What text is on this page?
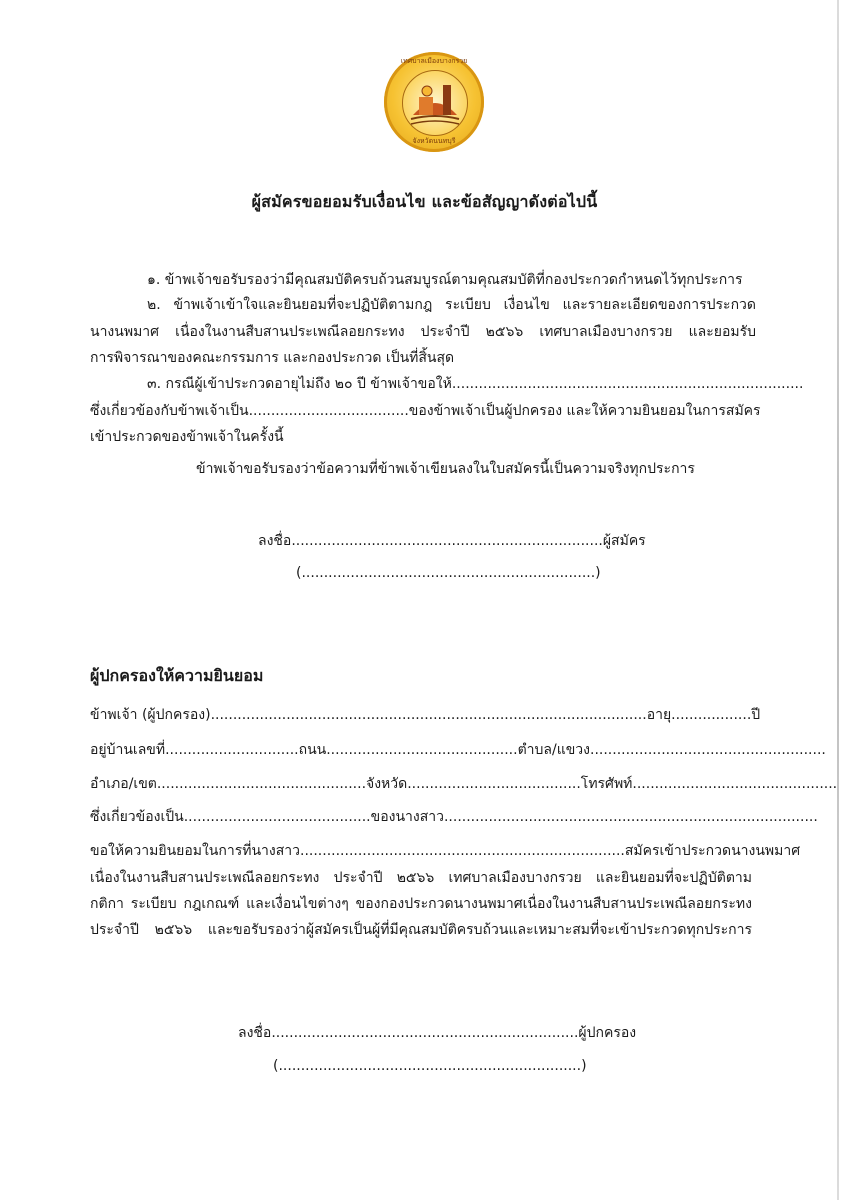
เทศบาลเมืองบางกรวย
จังหวัดนนทบุรี
ผู้สมัครขอยอมรับเงื่อนไข และข้อสัญญาดังต่อไปนี้
๑. ข้าพเจ้าขอรับรองว่ามีคุณสมบัติครบถ้วนสมบูรณ์ตามคุณสมบัติที่กองประกวดกำหนดไว้ทุกประการ
๒. ข้าพเจ้าเข้าใจและยินยอมที่จะปฏิบัติตามกฎ ระเบียบ เงื่อนไข และรายละเอียดของการประกวด
นางนพมาศ เนื่องในงานสืบสานประเพณีลอยกระทง ประจำปี ๒๕๖๖ เทศบาลเมืองบางกรวย และยอมรับ
การพิจารณาของคณะกรรมการ และกองประกวด เป็นที่สิ้นสุด
๓. กรณีผู้เข้าประกวดอายุไม่ถึง ๒๐ ปี ข้าพเจ้าขอให้...............................................................................
ซึ่งเกี่ยวข้องกับข้าพเจ้าเป็น....................................ของข้าพเจ้าเป็นผู้ปกครอง และให้ความยินยอมในการสมัคร
เข้าประกวดของข้าพเจ้าในครั้งนี้
ข้าพเจ้าขอรับรองว่าข้อความที่ข้าพเจ้าเขียนลงในใบสมัครนี้เป็นความจริงทุกประการ
ลงชื่อ......................................................................ผู้สมัคร
(..................................................................)
ผู้ปกครองให้ความยินยอม
ข้าพเจ้า (ผู้ปกครอง)..................................................................................................อายุ..................ปี
อยู่บ้านเลขที่..............................ถนน...........................................ตำบล/แขวง.....................................................
อำเภอ/เขต...............................................จังหวัด.......................................โทรศัพท์..............................................
ซึ่งเกี่ยวข้องเป็น..........................................ของนางสาว....................................................................................
ขอให้ความยินยอมในการที่นางสาว.........................................................................สมัครเข้าประกวดนางนพมาศ
เนื่องในงานสืบสานประเพณีลอยกระทง ประจำปี ๒๕๖๖ เทศบาลเมืองบางกรวย และยินยอมที่จะปฏิบัติตาม
กติกา ระเบียบ กฎเกณฑ์ และเงื่อนไขต่างๆ ของกองประกวดนางนพมาศเนื่องในงานสืบสานประเพณีลอยกระทง
ประจำปี ๒๕๖๖ และขอรับรองว่าผู้สมัครเป็นผู้ที่มีคุณสมบัติครบถ้วนและเหมาะสมที่จะเข้าประกวดทุกประการ
ลงชื่อ.....................................................................ผู้ปกครอง
(....................................................................)
